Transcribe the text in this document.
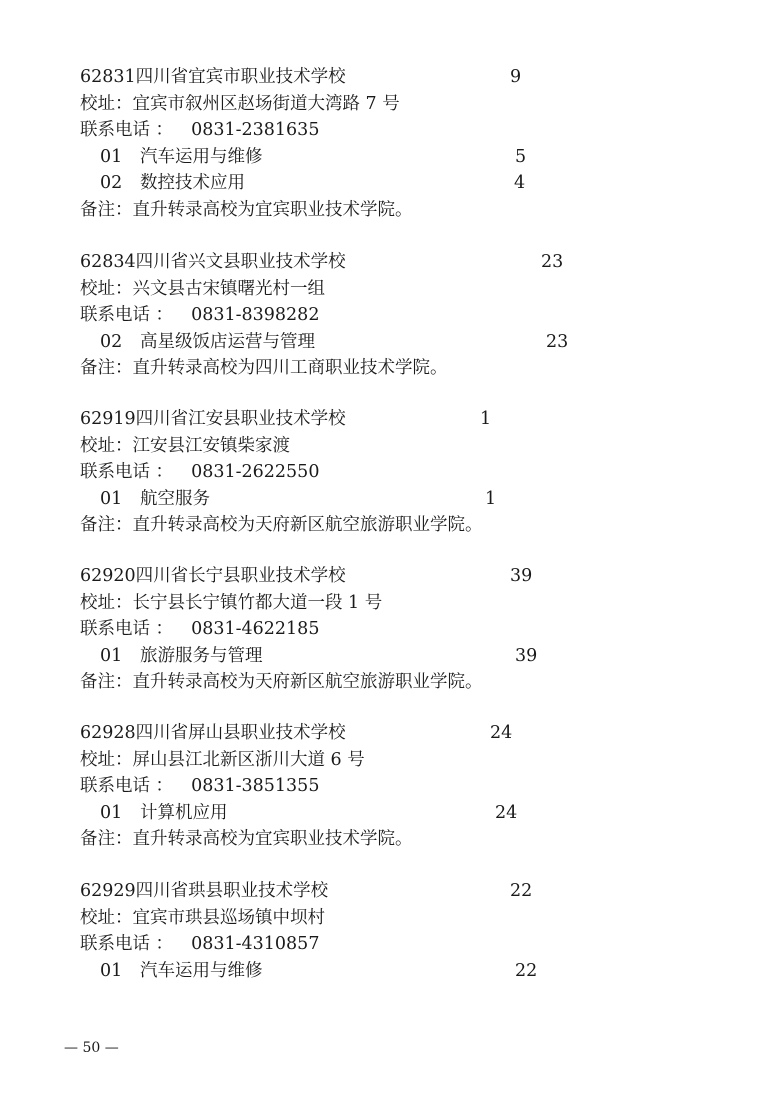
62831四川省宜宾市职业技术学校	9
校址：宜宾市叙州区赵场街道大湾路 7 号
联系电话 ： 0831-2381635
01 汽车运用与维修	5
02 数控技术应用	4
备注：直升转录高校为宜宾职业技术学院。
62834四川省兴文县职业技术学校	23
校址：兴文县古宋镇曙光村一组
联系电话 ： 0831-8398282
02 高星级饭店运营与管理	23
备注：直升转录高校为四川工商职业技术学院。
62919四川省江安县职业技术学校	1
校址：江安县江安镇柴家渡
联系电话 ： 0831-2622550
01 航空服务	1
备注：直升转录高校为天府新区航空旅游职业学院。
62920四川省长宁县职业技术学校	39
校址：长宁县长宁镇竹都大道一段 1 号
联系电话 ： 0831-4622185
01 旅游服务与管理	39
备注：直升转录高校为天府新区航空旅游职业学院。
62928四川省屏山县职业技术学校	24
校址：屏山县江北新区浙川大道 6 号
联系电话 ： 0831-3851355
01 计算机应用	24
备注：直升转录高校为宜宾职业技术学院。
62929四川省珙县职业技术学校	22
校址：宜宾市珙县巡场镇中坝村
联系电话 ： 0831-4310857
01 汽车运用与维修	22
— 50 —
